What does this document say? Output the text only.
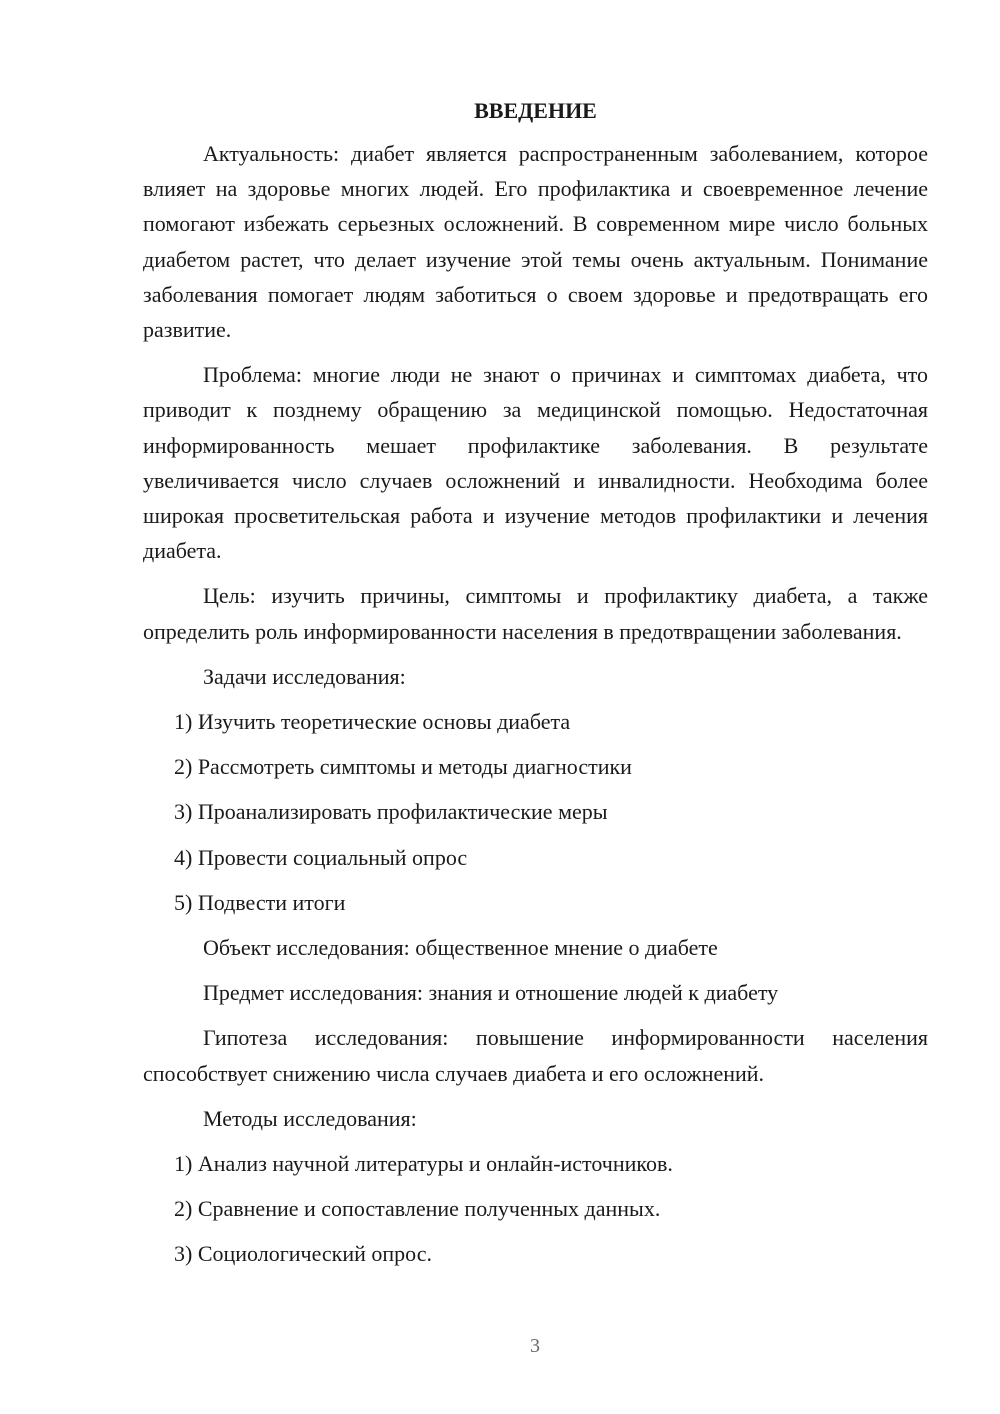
ВВЕДЕНИЕ

Актуальность: диабет является распространенным заболеванием, которое влияет на здоровье многих людей. Его профилактика и своевременное лечение помогают избежать серьезных осложнений. В современном мире число больных диабетом растет, что делает изучение этой темы очень актуальным. Понимание заболевания помогает людям заботиться о своем здоровье и предотвращать его развитие.

Проблема: многие люди не знают о причинах и симптомах диабета, что приводит к позднему обращению за медицинской помощью. Недостаточная информированность мешает профилактике заболевания. В результате увеличивается число случаев осложнений и инвалидности. Необходима более широкая просветительская работа и изучение методов профилактики и лечения диабета.

Цель: изучить причины, симптомы и профилактику диабета, а также определить роль информированности населения в предотвращении заболевания.

Задачи исследования:
1) Изучить теоретические основы диабета
2) Рассмотреть симптомы и методы диагностики
3) Проанализировать профилактические меры
4) Провести социальный опрос
5) Подвести итоги
Объект исследования: общественное мнение о диабете
Предмет исследования: знания и отношение людей к диабету

Гипотеза исследования: повышение информированности населения способствует снижению числа случаев диабета и его осложнений.

Методы исследования:
1) Анализ научной литературы и онлайн-источников.
2) Сравнение и сопоставление полученных данных.
3) Социологический опрос.
3
